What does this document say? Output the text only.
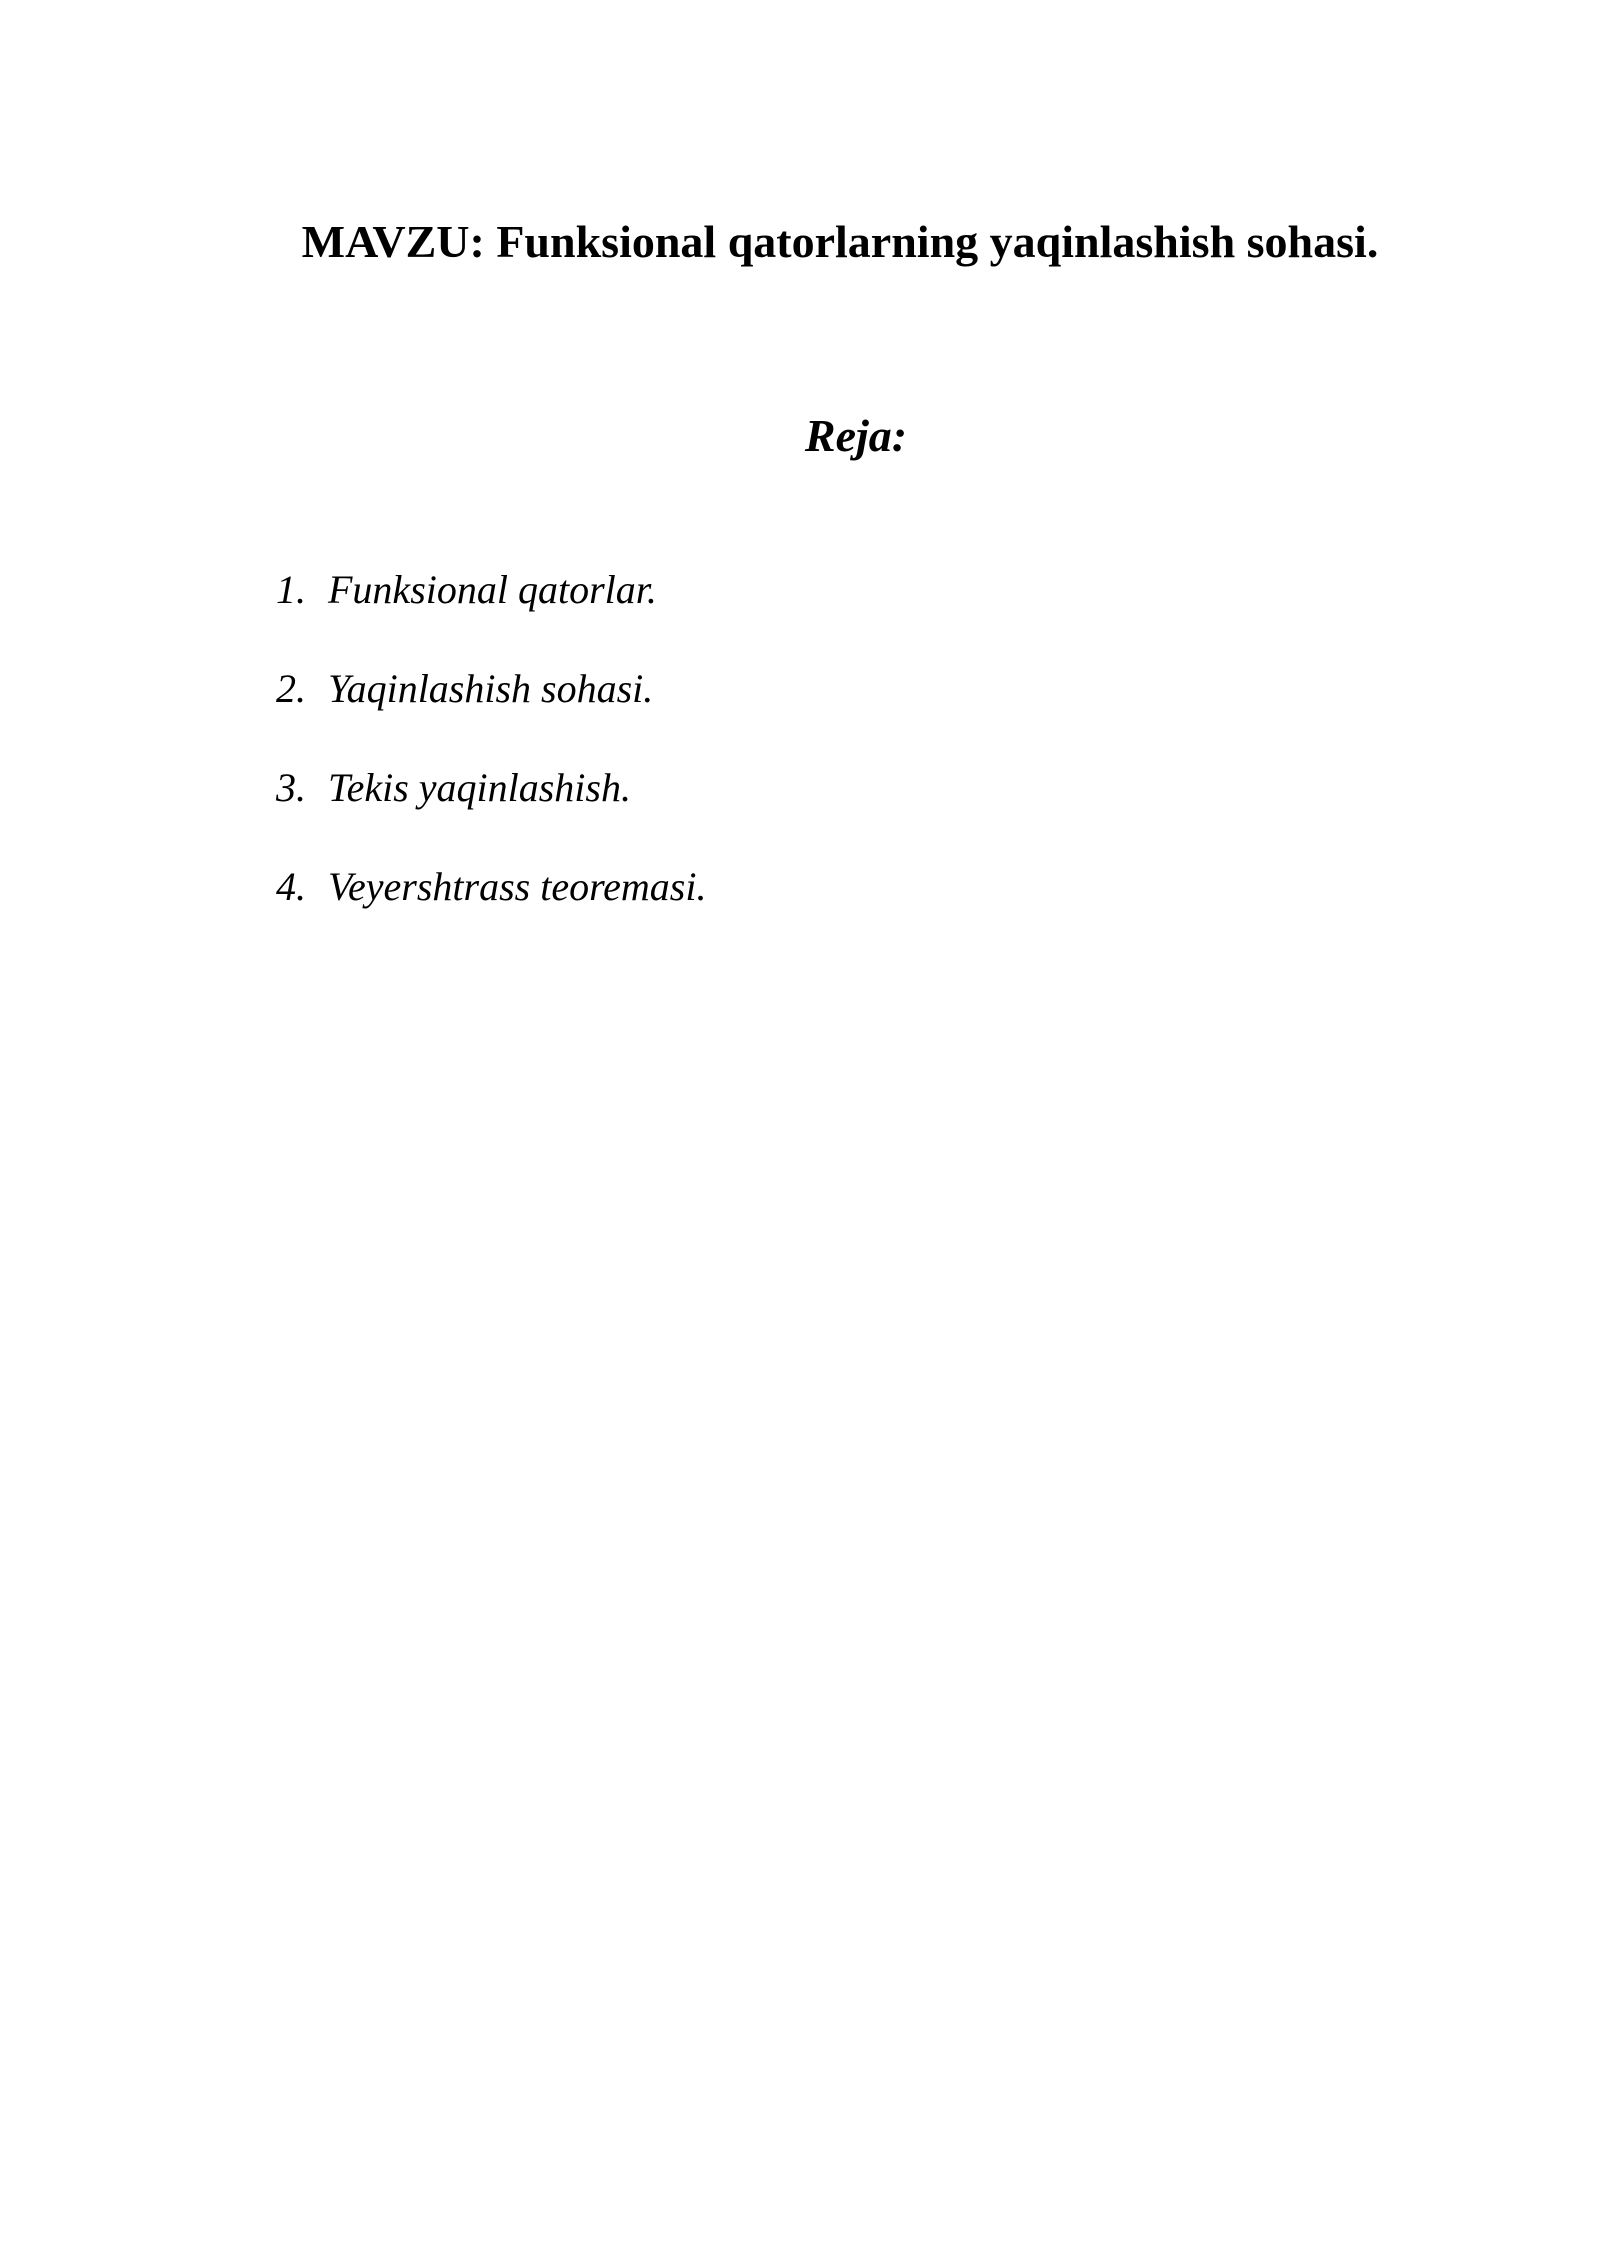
MAVZU: Funksional qatorlarning yaqinlashish sohasi.
Reja:
1. Funksional qatorlar.
2. Yaqinlashish sohasi.
3. Tekis yaqinlashish.
4. Veyershtrass teoremasi.
